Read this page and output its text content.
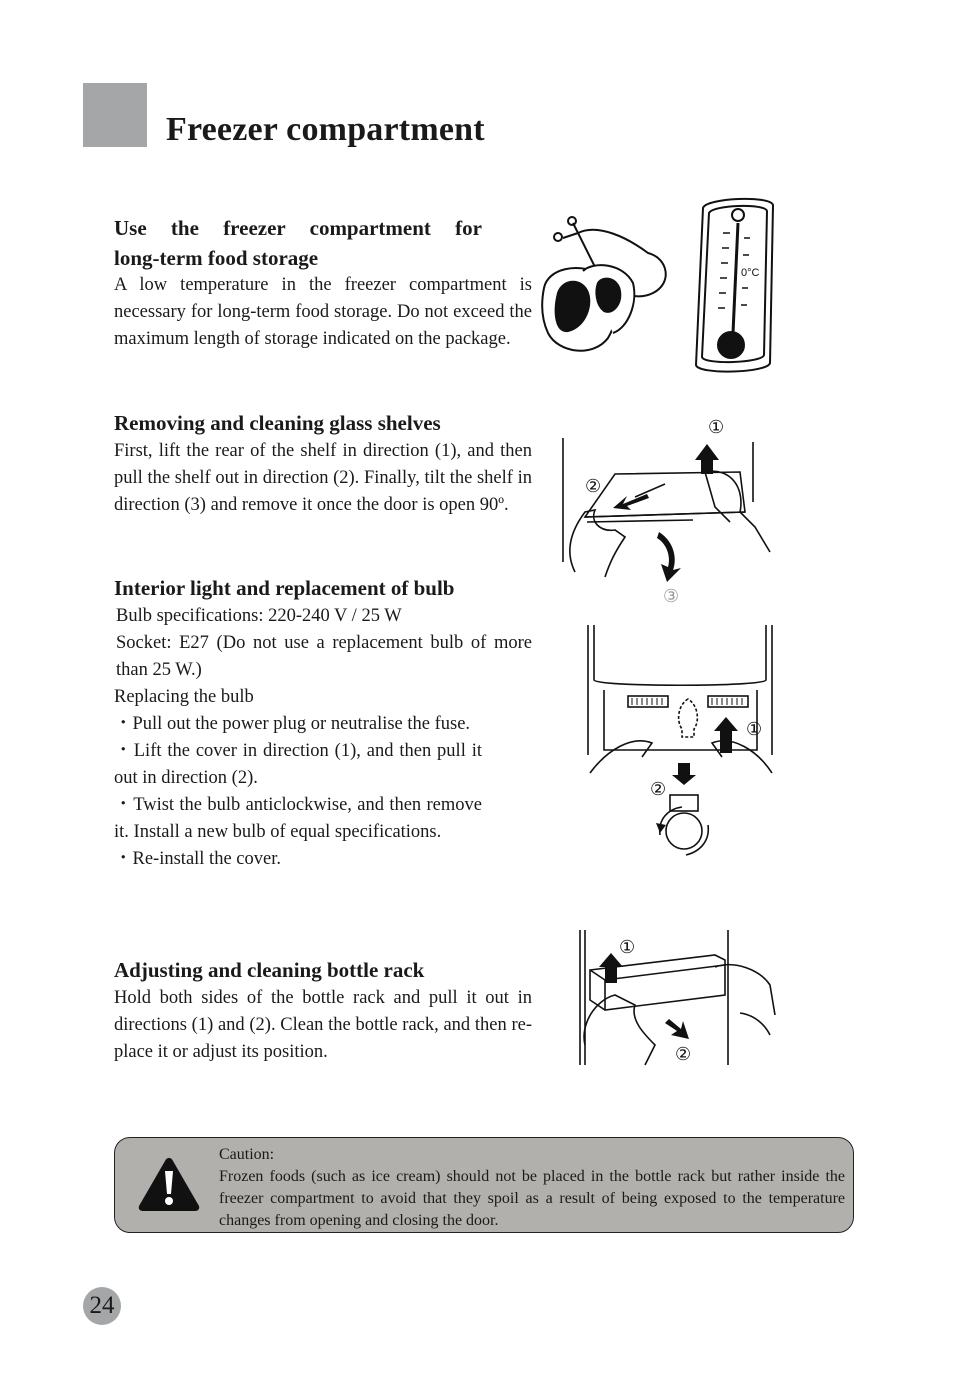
Freezer compartment
Use the freezer compartment for
long-term food storage

A low temperature in the freezer compartment is necessary for long-term food storage. Do not exceed the maximum length of storage indicated on the package.

Removing and cleaning glass shelves

First, lift the rear of the shelf in direction (1), and then pull the shelf out in direction (2). Finally, tilt the shelf in direction (3) and remove it once the door is open 90º.

Interior light and replacement of bulb

Bulb specifications: 220-240 V / 25 W

Socket: E27 (Do not use a replacement bulb of more than 25 W.)

Replacing the bulb

・Pull out the power plug or neutralise the fuse.

・Lift the cover in direction (1), and then pull it out in direction (2).

・Twist the bulb anticlockwise, and then remove it. Install a new bulb of equal specifications.

・Re-install the cover.

Adjusting and cleaning bottle rack

Hold both sides of the bottle rack and pull it out in directions (1) and (2). Clean the bottle rack, and then re-place it or adjust its position.

0°C
①
②
③
①
②
①
②
Caution:
Frozen foods (such as ice cream) should not be placed in the bottle rack but rather inside the freezer compartment to avoid that they spoil as a result of being exposed to the temperature changes from opening and closing the door.
24
